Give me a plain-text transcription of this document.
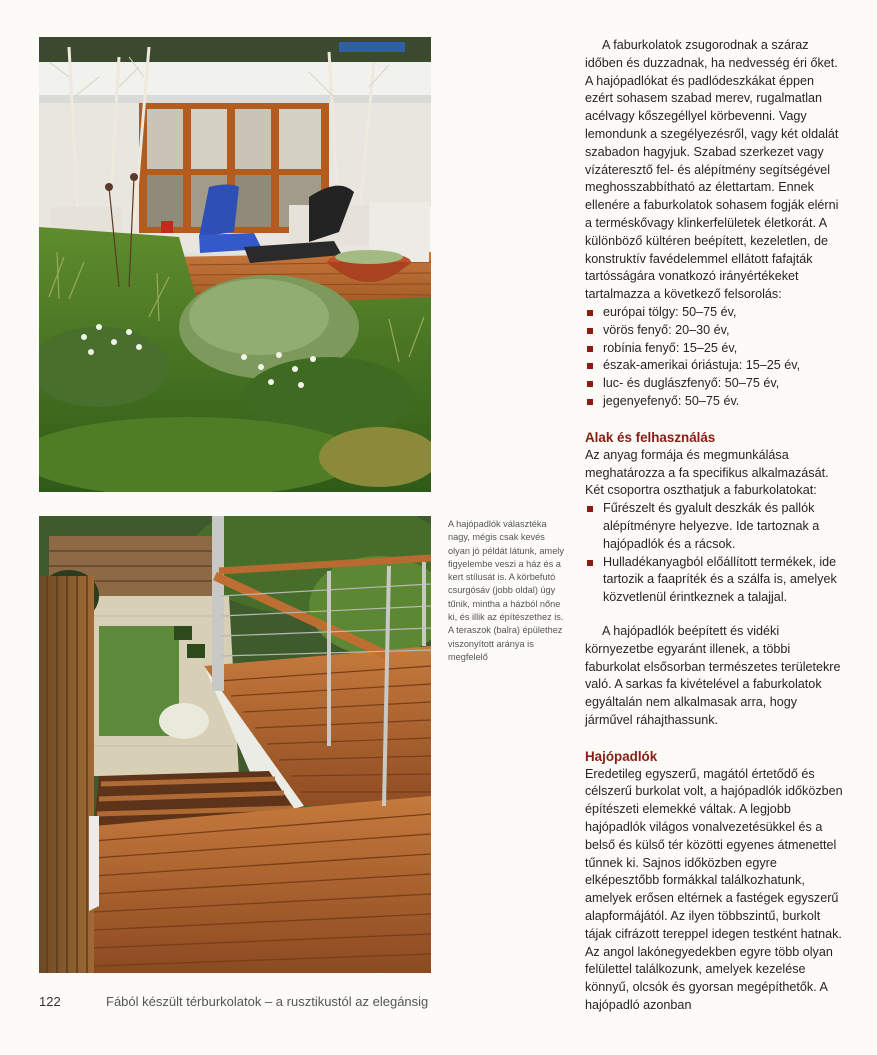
A hajópadlók választéka nagy, mégis csak kevés olyan jó példát látunk, amely figyelembe veszi a ház és a kert stílusát is. A körbefutó csurgósáv (jobb oldal) úgy tűnik, mintha a házból nőne ki, és illik az építészethez is. A teraszok (balra) épülethez viszonyított aránya is megfelelő

A faburkolatok zsugorodnak a száraz időben és duzzadnak, ha nedvesség éri őket. A hajópadlókat és padlódeszkákat éppen ezért sohasem szabad merev, rugalmatlan acélvagy kőszegéllyel körbevenni. Vagy lemondunk a szegélyezésről, vagy két oldalát szabadon hagyjuk. Szabad szerkezet vagy vízáteresztő fel- és alépítmény segítségével meghosszabbítható az élettartam. Ennek ellenére a faburkolatok sohasem fogják elérni a terméskővagy klinkerfelületek életkorát. A különböző kültéren beépített, kezeletlen, de konstruktív favédelemmel ellátott fafajták tartósságára vonatkozó irányértékeket tartalmazza a következő felsorolás:

európai tölgy: 50–75 év,
vörös fenyő: 20–30 év,
robínia fenyő: 15–25 év,
észak-amerikai óriástuja: 15–25 év,
luc- és duglászfenyő: 50–75 év,
jegenyefenyő: 50–75 év.
Alak és felhasználás

Az anyag formája és megmunkálása meghatározza a fa specifikus alkalmazását. Két csoportra oszthatjuk a faburkolatokat:

Fűrészelt és gyalult deszkák és pallók alépítményre helyezve. Ide tartoznak a hajópadlók és a rácsok.
Hulladékanyagból előállított termékek, ide tartozik a faapríték és a szálfa is, amelyek közvetlenül érintkeznek a talajjal.

A hajópadlók beépített és vidéki környezetbe egyaránt illenek, a többi faburkolat elsősorban természetes területekre való. A sarkas fa kivételével a faburkolatok egyáltalán nem alkalmasak arra, hogy járművel ráhajthassunk.

Hajópadlók

Eredetileg egyszerű, magától értetődő és célszerű burkolat volt, a hajópadlók időközben építészeti elemekké váltak. A legjobb hajópadlók világos vonalvezetésükkel és a belső és külső tér közötti egyenes átmenettel tűnnek ki. Sajnos időközben egyre elképesztőbb formákkal találkozhatunk, amelyek erősen eltérnek a fastégek egyszerű alapformájától. Az ilyen többszintű, burkolt tájak cifrázott tereppel idegen testként hatnak. Az angol lakónegyedekben egyre több olyan felülettel találkozunk, amelyek kezelése könnyű, olcsók és gyorsan megépíthetők. A hajópadló azonban

122	Fából készült térburkolatok – a rusztikustól az elegánsig
